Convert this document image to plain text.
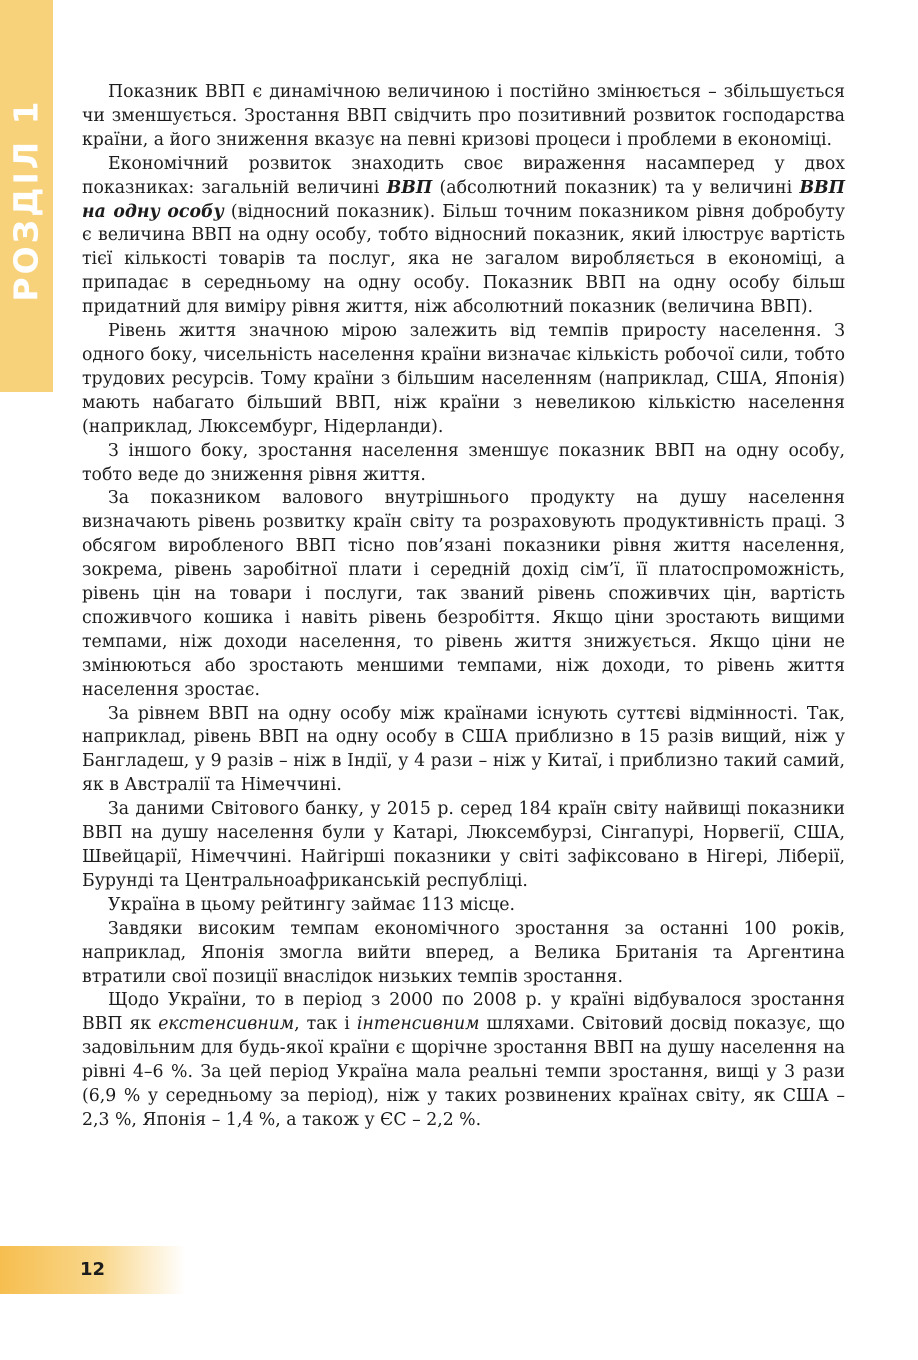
РОЗДІЛ 1

Показник ВВП є динамічною величиною і постійно змінюється – збільшується чи зменшується. Зростання ВВП свідчить про позитивний розвиток господарства країни, а його зниження вказує на певні кризові процеси і проблеми в економіці.

Економічний розвиток знаходить своє вираження насамперед у двох показниках: загальній величині ВВП (абсолютний показник) та у величині ВВП на одну особу (відносний показник). Більш точним показником рівня добробуту є величина ВВП на одну особу, тобто відносний показник, який ілюструє вартість тієї кількості товарів та послуг, яка не загалом виробляється в економіці, а припадає в середньому на одну особу. Показник ВВП на одну особу більш придатний для виміру рівня життя, ніж абсолютний показник (величина ВВП).

Рівень життя значною мірою залежить від темпів приросту населення. З одного боку, чисельність населення країни визначає кількість робочої сили, тобто трудових ресурсів. Тому країни з більшим населенням (наприклад, США, Японія) мають набагато більший ВВП, ніж країни з невеликою кількістю населення (наприклад, Люксембург, Нідерланди).

З іншого боку, зростання населення зменшує показник ВВП на одну особу, тобто веде до зниження рівня життя.

За показником валового внутрішнього продукту на душу населення визначають рівень розвитку країн світу та розраховують продуктивність праці. З обсягом виробленого ВВП тісно пов’язані показники рівня життя населення, зокрема, рівень заробітної плати і середній дохід сім’ї, її платоспроможність, рівень цін на товари і послуги, так званий рівень споживчих цін, вартість споживчого кошика і навіть рівень безробіття. Якщо ціни зростають вищими темпами, ніж доходи населення, то рівень життя знижується. Якщо ціни не змінюються або зростають меншими темпами, ніж доходи, то рівень життя населення зростає.

За рівнем ВВП на одну особу між країнами існують суттєві відмінності. Так, наприклад, рівень ВВП на одну особу в США приблизно в 15 разів вищий, ніж у Бангладеш, у 9 разів – ніж в Індії, у 4 рази – ніж у Китаї, і приблизно такий самий, як в Австралії та Німеччині.

За даними Світового банку, у 2015 р. серед 184 країн світу найвищі показники ВВП на душу населення були у Катарі, Люксембурзі, Сінгапурі, Норвегії, США, Швейцарії, Німеччині. Найгірші показники у світі зафіксовано в Нігері, Ліберії, Бурунді та Центральноафриканській республіці.

Україна в цьому рейтингу займає 113 місце.

Завдяки високим темпам економічного зростання за останні 100 років, наприклад, Японія змогла вийти вперед, а Велика Британія та Аргентина втратили свої позиції внаслідок низьких темпів зростання.

Щодо України, то в період з 2000 по 2008 р. у країні відбувалося зростання ВВП як екстенсивним, так і інтенсивним шляхами. Світовий досвід показує, що задовільним для будь-якої країни є щорічне зростання ВВП на душу населення на рівні 4–6 %. За цей період Україна мала реальні темпи зростання, вищі у 3 рази (6,9 % у середньому за період), ніж у таких розвинених країнах світу, як США – 2,3 %, Японія – 1,4 %, а також у ЄС – 2,2 %.

12
